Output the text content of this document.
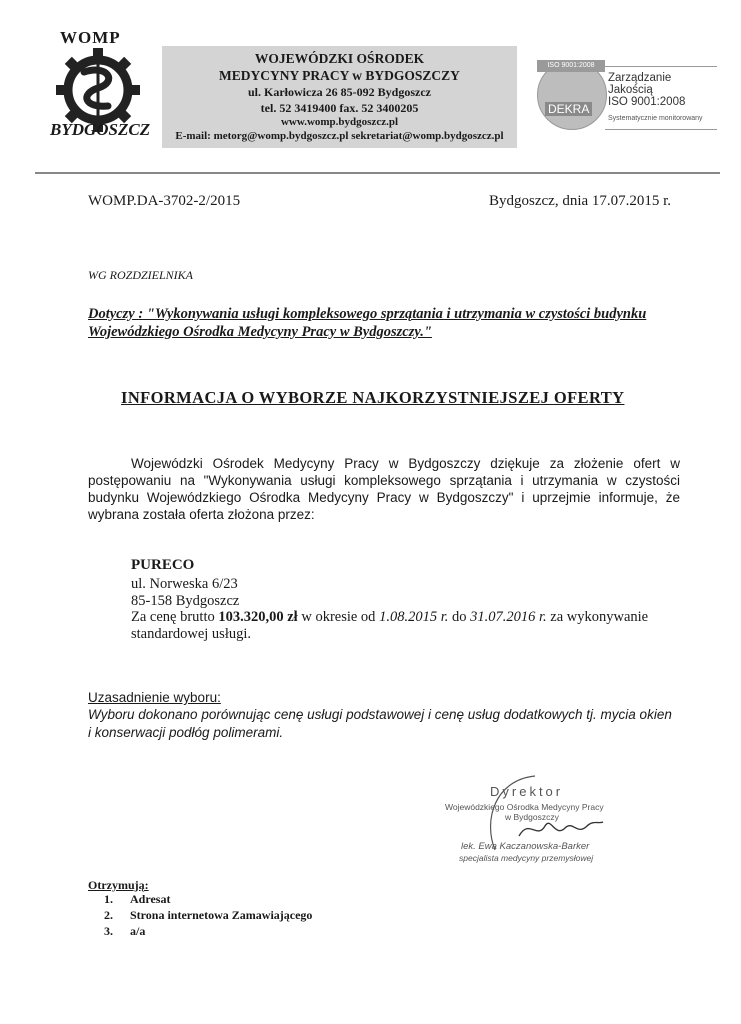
WOMP
BYDGOSZCZ
WOJEWÓDZKI OŚRODEK
MEDYCYNY PRACY w BYDGOSZCZY
ul. Karłowicza 26 85-092 Bydgoszcz
tel. 52 3419400 fax. 52 3400205
www.womp.bydgoszcz.pl
E-mail: metorg@womp.bydgoszcz.pl sekretariat@womp.bydgoszcz.pl
ISO 9001:2008
DEKRA
Zarządzanie
Jakością
ISO 9001:2008
Systematycznie monitorowany
WOMP.DA-3702-2/2015	Bydgoszcz, dnia 17.07.2015 r.
WG ROZDZIELNIKA
Dotyczy : "Wykonywania usługi kompleksowego sprzątania i utrzymania w czystości budynku Wojewódzkiego Ośrodka Medycyny Pracy w Bydgoszczy."
INFORMACJA O WYBORZE NAJKORZYSTNIEJSZEJ OFERTY
Wojewódzki Ośrodek Medycyny Pracy w Bydgoszczy dziękuje za złożenie ofert w postępowaniu na "Wykonywania usługi kompleksowego sprzątania i utrzymania w czystości budynku Wojewódzkiego Ośrodka Medycyny Pracy w Bydgoszczy" i uprzejmie informuje, że wybrana została oferta złożona przez:
PURECO
ul. Norweska 6/23
85-158 Bydgoszcz
Za cenę brutto 103.320,00 zł w okresie od 1.08.2015 r. do 31.07.2016 r. za wykonywanie
standardowej usługi.
Uzasadnienie wyboru:
Wyboru dokonano porównując cenę usługi podstawowej i cenę usług dodatkowych tj. mycia okien i konserwacji podłóg polimerami.
Dyrektor
Wojewódzkiego Ośrodka Medycyny Pracy
w Bydgoszczy
lek. Ewa Kaczanowska-Barker
specjalista medycyny przemysłowej
Otrzymują:
1. Adresat
2. Strona internetowa Zamawiającego
3. a/a
